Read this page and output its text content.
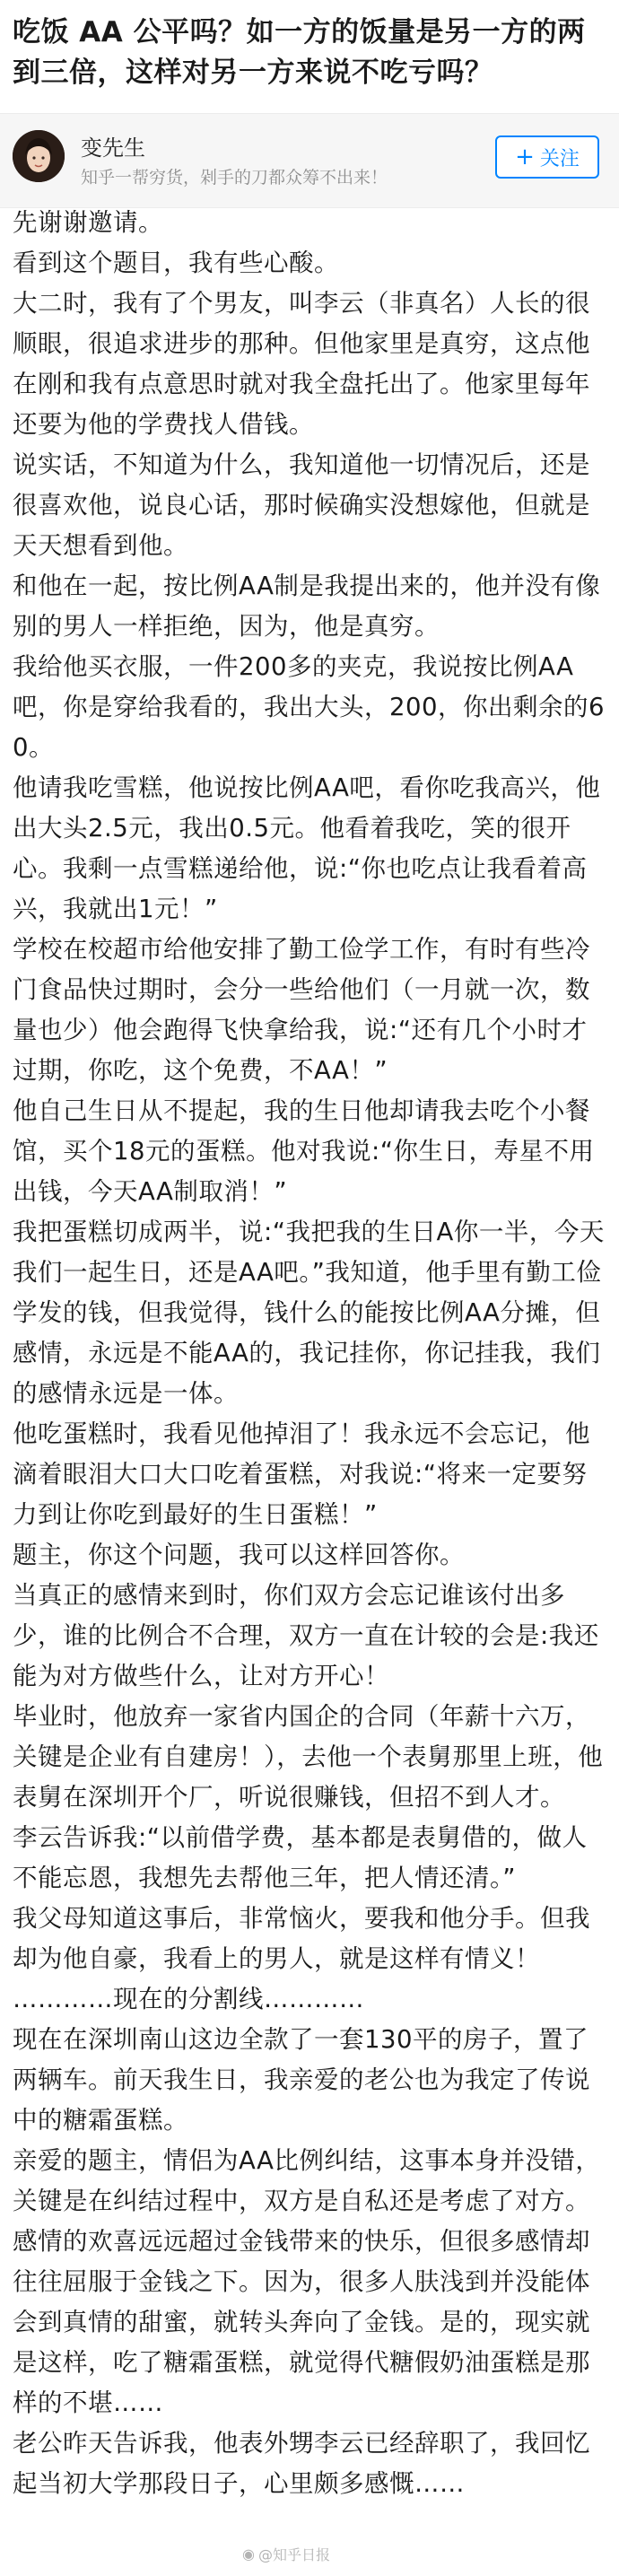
吃饭 AA 公平吗？如一方的饭量是另一方的两到三倍，这样对另一方来说不吃亏吗？
变先生
知乎一帮穷货，剁手的刀都众筹不出来！
+ 关注

先谢谢邀请。

看到这个题目，我有些心酸。

大二时，我有了个男友，叫李云（非真名）人长的很顺眼，很追求进步的那种。但他家里是真穷，这点他在刚和我有点意思时就对我全盘托出了。他家里每年还要为他的学费找人借钱。

说实话，不知道为什么，我知道他一切情况后，还是很喜欢他，说良心话，那时候确实没想嫁他，但就是天天想看到他。

和他在一起，按比例AA制是我提出来的，他并没有像别的男人一样拒绝，因为，他是真穷。

我给他买衣服，一件200多的夹克，我说按比例AA吧，你是穿给我看的，我出大头，200，你出剩余的60。

他请我吃雪糕，他说按比例AA吧，看你吃我高兴，他出大头2.5元，我出0.5元。他看着我吃，笑的很开心。我剩一点雪糕递给他，说:“你也吃点让我看着高兴，我就出1元！”

学校在校超市给他安排了勤工俭学工作，有时有些冷门食品快过期时，会分一些给他们（一月就一次，数量也少）他会跑得飞快拿给我，说:“还有几个小时才过期，你吃，这个免费，不AA！”

他自己生日从不提起，我的生日他却请我去吃个小餐馆，买个18元的蛋糕。他对我说:“你生日，寿星不用出钱，今天AA制取消！”

我把蛋糕切成两半，说:“我把我的生日A你一半，今天我们一起生日，还是AA吧。”我知道，他手里有勤工俭学发的钱，但我觉得，钱什么的能按比例AA分摊，但感情，永远是不能AA的，我记挂你，你记挂我，我们的感情永远是一体。

他吃蛋糕时，我看见他掉泪了！我永远不会忘记，他滴着眼泪大口大口吃着蛋糕，对我说:“将来一定要努力到让你吃到最好的生日蛋糕！”

题主，你这个问题，我可以这样回答你。

当真正的感情来到时，你们双方会忘记谁该付出多少，谁的比例合不合理，双方一直在计较的会是:我还能为对方做些什么，让对方开心！

毕业时，他放弃一家省内国企的合同（年薪十六万，关键是企业有自建房！），去他一个表舅那里上班，他表舅在深圳开个厂，听说很赚钱，但招不到人才。

李云告诉我:“以前借学费，基本都是表舅借的，做人不能忘恩，我想先去帮他三年，把人情还清。”

我父母知道这事后，非常恼火，要我和他分手。但我却为他自豪，我看上的男人，就是这样有情义！

…………现在的分割线…………

现在在深圳南山这边全款了一套130平的房子，置了两辆车。前天我生日，我亲爱的老公也为我定了传说中的糖霜蛋糕。

亲爱的题主，情侣为AA比例纠结，这事本身并没错，关键是在纠结过程中，双方是自私还是考虑了对方。感情的欢喜远远超过金钱带来的快乐，但很多感情却往往屈服于金钱之下。因为，很多人肤浅到并没能体会到真情的甜蜜，就转头奔向了金钱。是的，现实就是这样，吃了糖霜蛋糕，就觉得代糖假奶油蛋糕是那样的不堪……

老公昨天告诉我，他表外甥李云已经辞职了，我回忆起当初大学那段日子，心里颇多感慨……

◉ @知乎日报
